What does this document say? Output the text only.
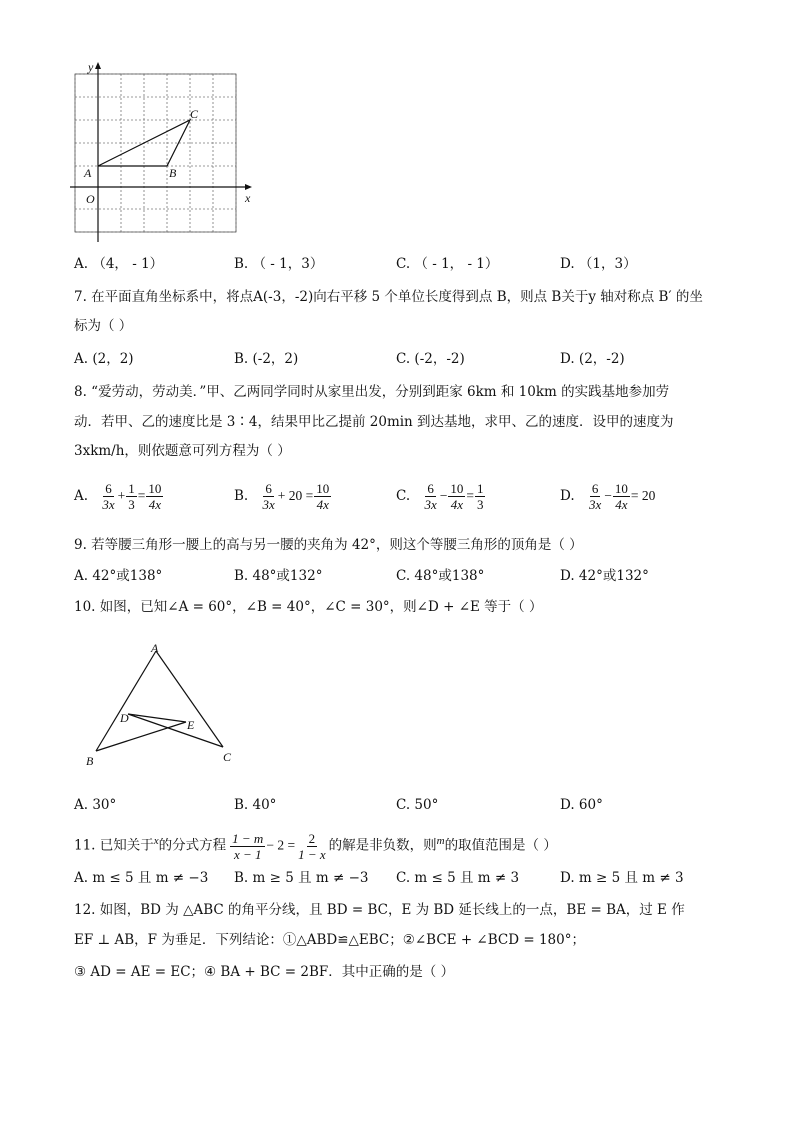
y
x
A	B
C
O
A. （4， - 1）	B. （ - 1，3）	C. （ - 1， - 1）	D. （1，3）
7. 在平面直角坐标系中，将点A(-3，-2)向右平移 5 个单位长度得到点 B，则点 B关于y 轴对称点 B′ 的坐
标为（ ）
A. (2，2)	B. (-2，2)	C. (-2，-2)	D. (2，-2)
8. “爱劳动，劳动美．”甲、乙两同学同时从家里出发，分别到距家 6km 和 10km 的实践基地参加劳
动．若甲、乙的速度比是 3∶4，结果甲比乙提前 20min 到达基地，求甲、乙的速度．设甲的速度为
3xkm/h，则依题意可列方程为（ ）
A. $\frac{6}{3x} + \frac{1}{3} = \frac{10}{4x}$	B. $\frac{6}{3x} + 20 = \frac{10}{4x}$	C. $\frac{6}{3x} - \frac{10}{4x} = \frac{1}{3}$	D. $\frac{6}{3x} - \frac{10}{4x} = 20$
9. 若等腰三角形一腰上的高与另一腰的夹角为 42°，则这个等腰三角形的顶角是（ ）
A. 42°或138°	B. 48°或132°	C. 48°或138°	D. 42°或132°
10. 如图，已知∠A = 60°，∠B = 40°，∠C = 30°，则∠D + ∠E 等于（ ）
A
B	C
D	E
A. 30°	B. 40°	C. 50°	D. 60°
11. 已知关于$^x$的分式方程 $\frac{1 - m}{x - 1} - 2 = \frac{2}{1 - x}$ 的解是非负数，则$^m$的取值范围是（ ）
A. m ≤ 5 且 m ≠ −3 B. m ≥ 5 且 m ≠ −3 C. m ≤ 5 且 m ≠ 3	D. m ≥ 5 且 m ≠ 3
12. 如图，BD 为 △ABC 的角平分线，且 BD = BC，E 为 BD 延长线上的一点，BE = BA，过 E 作
EF ⊥ AB，F 为垂足．下列结论：①△ABD≌△EBC；②∠BCE + ∠BCD = 180°；
③ AD = AE = EC；④ BA + BC = 2BF．其中正确的是（ ）
